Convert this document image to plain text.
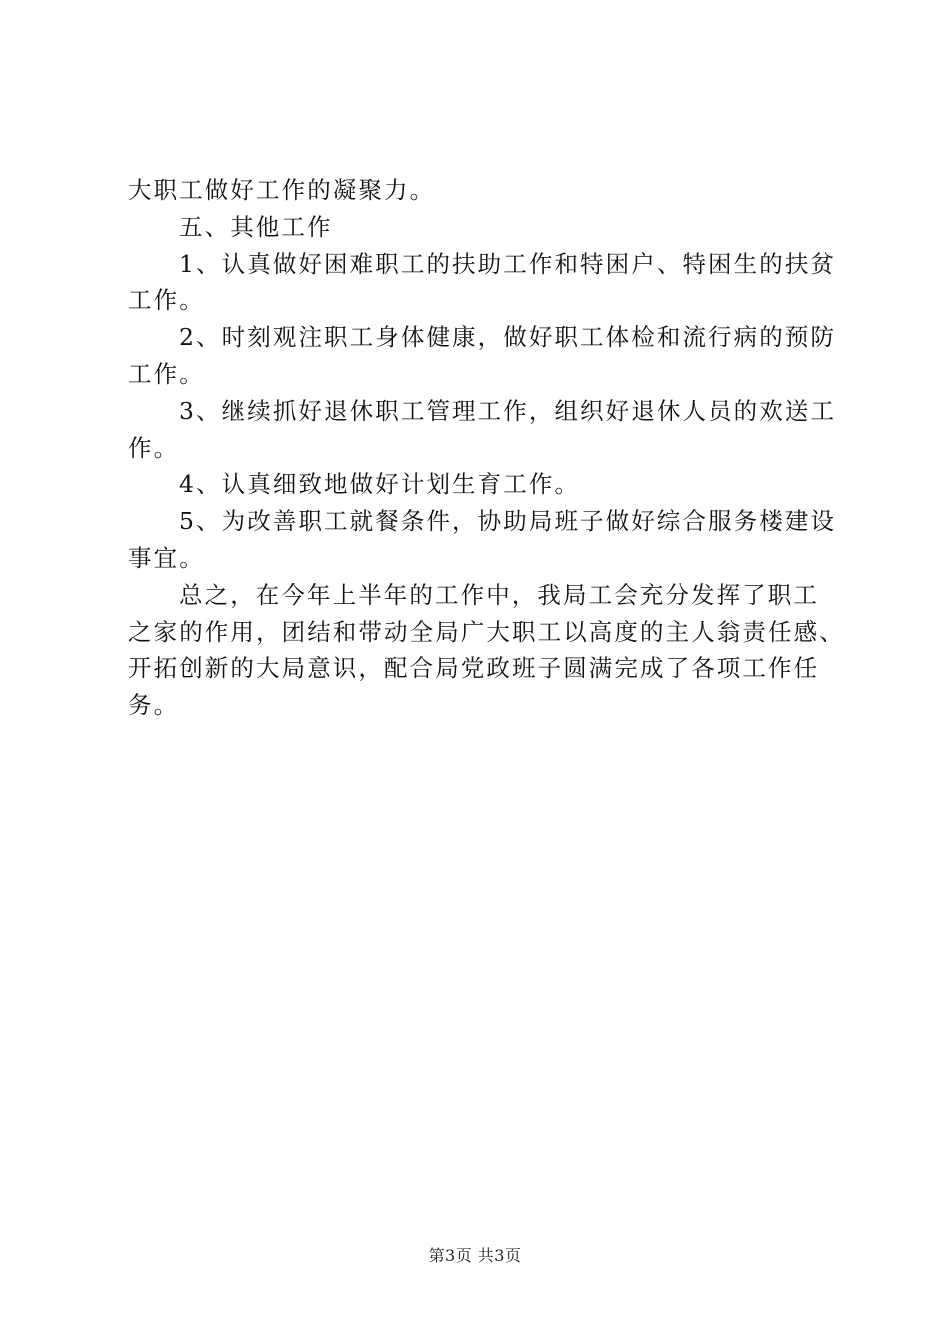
大职工做好工作的凝聚力。
五、其他工作
1、认真做好困难职工的扶助工作和特困户、特困生的扶贫
工作。
2、时刻观注职工身体健康，做好职工体检和流行病的预防
工作。
3、继续抓好退休职工管理工作，组织好退休人员的欢送工
作。
4、认真细致地做好计划生育工作。
5、为改善职工就餐条件，协助局班子做好综合服务楼建设
事宜。
总之，在今年上半年的工作中，我局工会充分发挥了职工
之家的作用，团结和带动全局广大职工以高度的主人翁责任感、
开拓创新的大局意识，配合局党政班子圆满完成了各项工作任
务。
第3页 共3页
